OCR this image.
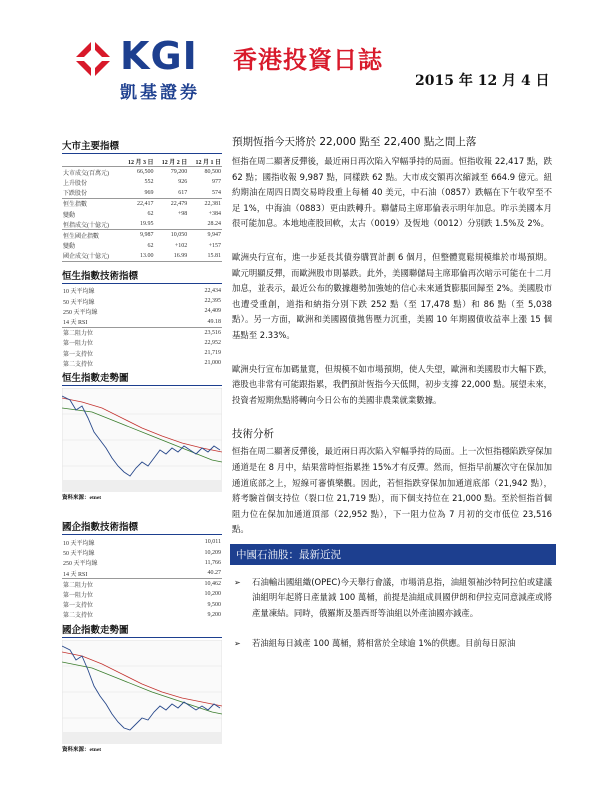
KGI
凱基證券
香港投資日誌
2015 年 12 月 4 日
大市主要指標
	12 月 3 日	12 月 2 日	12 月 1 日
大市成交(百萬元)	66,500	79,200	80,500
上升股份	552	926	977
下跌股份	969	617	574
恒生指數	22,417	22,479	22,381
變動	62	+98	+384
恒指成交(十億元)	19.95		28.24
恒生國企指數	9,987	10,050	9,947
變動	62	+102	+157
國企成交(十億元)	13.00	16.99	15.81
恒生指數技術指標
10 天平均線	22,434
50 天平均線	22,395
250 天平均線	24,409
14 天 RSI	49.18
第二阻力位	23,516
第一阻力位	22,952
第一支持位	21,719
第二支持位	21,000
恒生指數走勢圖
資料來源：etnet
國企指數技術指標
10 天平均線	10,011
50 天平均線	10,209
250 天平均線	11,766
14 天 RSI	40.27
第二阻力位	10,462
第一阻力位	10,200
第一支持位	9,500
第二支持位	9,200
國企指數走勢圖
資料來源：etnet
預期恆指今天將於 22,000 點至 22,400 點之間上落

恒指在周二顯著反彈後，最近兩日再次陷入窄幅爭持的局面。恒指收報 22,417 點，跌 62 點；國指收報 9,987 點，同樣跌 62 點。大市成交額再次縮減至 664.9 億元。紐約期油在周四日間交易時段重上每桶 40 美元，中石油（0857）跌幅在下午收窄至不足 1%，中海油（0883）更由跌轉升。聯儲局主席耶倫表示明年加息。昨示美國本月很可能加息。本地地產股回軟，太古（0019）及恆地（0012）分別跌 1.5%及 2%。

歐洲央行宣布，進一步延長其債券購買計劃 6 個月，但整體寬鬆規模維於市場預期。歐元明顯反彈，而歐洲股市則暴跌。此外，美國聯儲局主席耶倫再次暗示可能在十二月加息，並表示，最近公布的數據趨勢加強她的信心未來通貨膨脹回歸至 2%。美國股市也遭受重創，道指和納指分別下跌 252 點（至 17,478 點）和 86 點（至 5,038 點）。另一方面，歐洲和美國國債拋售壓力沉重，美國 10 年期國債收益率上漲 15 個基點至 2.33%。

歐洲央行宣布加碼量寬，但規模不如市場預期，使人失望，歐洲和美國股市大幅下跌，港股也非常有可能跟指累，我們預計恆指今天低開，初步支撐 22,000 點。展望未來，投資者短期焦點將轉向今日公布的美國非農業就業數據。

技術分析

恒指在周二顯著反彈後，最近兩日再次陷入窄幅爭持的局面。上一次恒指穩陷跌穿保加通道是在 8 月中，結果當時恒指累挫 15%才有反彈。然而，恒指早前屢次守在保加加通道底部之上，短線可審慎樂觀。因此，若恒指跌穿保加加通道底部（21,942 點），將考驗首個支持位（裂口位 21,719 點），而下個支持位在 21,000 點。至於恒指首個阻力位在保加加通道頂部（22,952 點），下一阻力位為 7 月初的交市低位 23,516 點。

中國石油股：最新近況
➢ 石油輸出國組織(OPEC)今天舉行會議，市場消息指，油組領袖沙特阿拉伯或建議油組明年起將日產量減 100 萬桶，前提是油組成員國伊朗和伊拉克同意減產或將產量凍結。同時，俄羅斯及墨西哥等油組以外產油國亦減產。
➢ 若油組每日減產 100 萬桶，將相當於全球逾 1%的供應。目前每日原油
